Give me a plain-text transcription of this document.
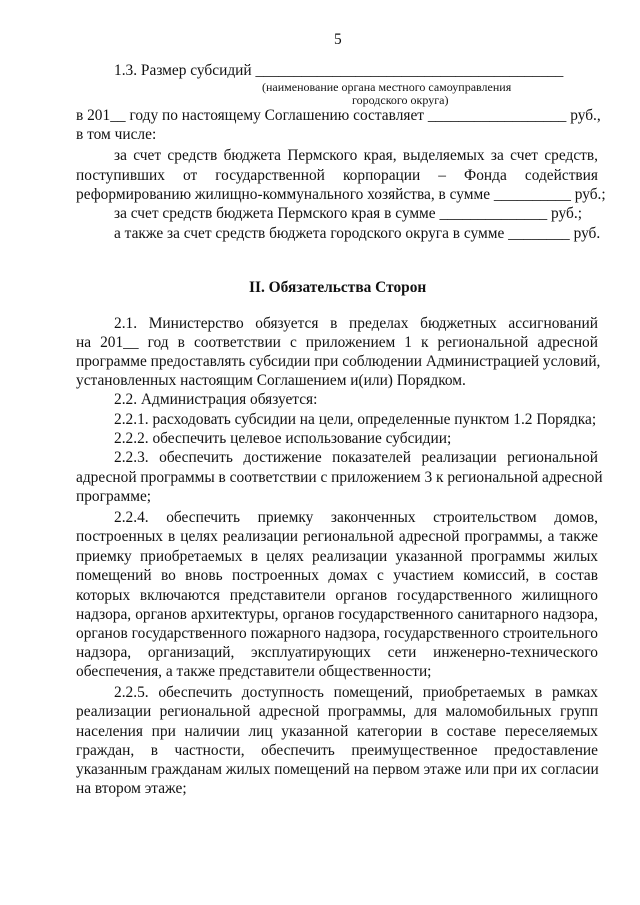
5
1.3. Размер субсидий ________________________________________
(наименование органа местного самоуправления
городского округа)
в 201__ году по настоящему Соглашению составляет __________________ руб.,
в том числе:
за счет средств бюджета Пермского края, выделяемых за счет средств,
поступивших от государственной корпорации – Фонда содействия
реформированию жилищно-коммунального хозяйства, в сумме __________ руб.;
за счет средств бюджета Пермского края в сумме ______________ руб.;
а также за счет средств бюджета городского округа в сумме ________ руб.
II. Обязательства Сторон
2.1. Министерство обязуется в пределах бюджетных ассигнований
на 201__ год в соответствии с приложением 1 к региональной адресной
программе предоставлять субсидии при соблюдении Администрацией условий,
установленных настоящим Соглашением и(или) Порядком.
2.2. Администрация обязуется:
2.2.1. расходовать субсидии на цели, определенные пунктом 1.2 Порядка;
2.2.2. обеспечить целевое использование субсидии;
2.2.3. обеспечить достижение показателей реализации региональной
адресной программы в соответствии с приложением 3 к региональной адресной
программе;
2.2.4. обеспечить приемку законченных строительством домов,
построенных в целях реализации региональной адресной программы, а также
приемку приобретаемых в целях реализации указанной программы жилых
помещений во вновь построенных домах с участием комиссий, в состав
которых включаются представители органов государственного жилищного
надзора, органов архитектуры, органов государственного санитарного надзора,
органов государственного пожарного надзора, государственного строительного
надзора, организаций, эксплуатирующих сети инженерно-технического
обеспечения, а также представители общественности;
2.2.5. обеспечить доступность помещений, приобретаемых в рамках
реализации региональной адресной программы, для маломобильных групп
населения при наличии лиц указанной категории в составе переселяемых
граждан, в частности, обеспечить преимущественное предоставление
указанным гражданам жилых помещений на первом этаже или при их согласии
на втором этаже;
